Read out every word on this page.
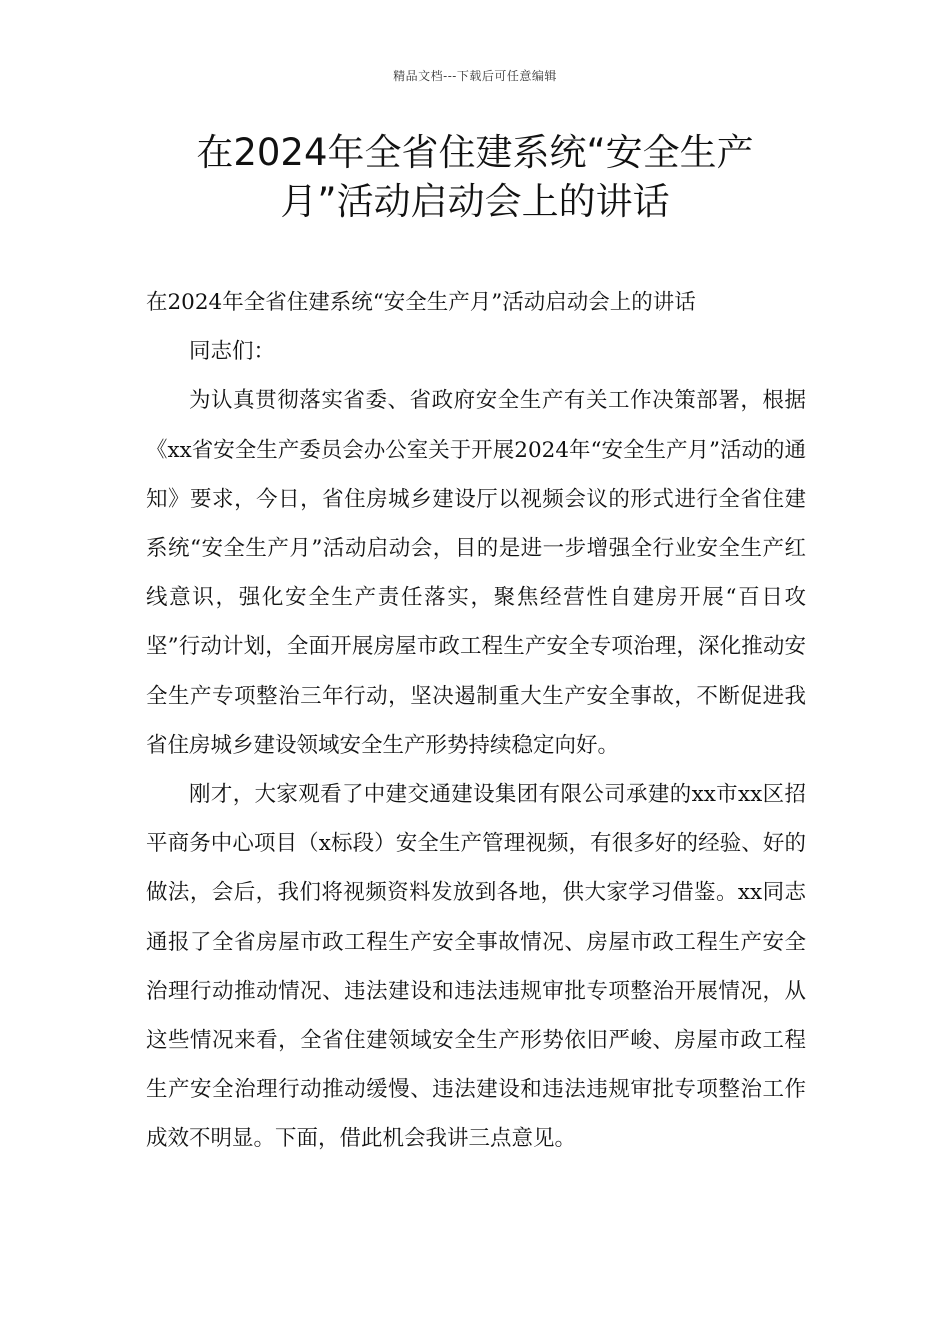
精品文档---下载后可任意编辑
在2024年全省住建系统“安全生产月”活动启动会上的讲话

在2024年全省住建系统“安全生产月”活动启动会上的讲话

同志们：

为认真贯彻落实省委、省政府安全生产有关工作决策部署，根据《xx省安全生产委员会办公室关于开展2024年“安全生产月”活动的通知》要求，今日，省住房城乡建设厅以视频会议的形式进行全省住建系统“安全生产月”活动启动会，目的是进一步增强全行业安全生产红线意识，强化安全生产责任落实，聚焦经营性自建房开展“百日攻坚”行动计划，全面开展房屋市政工程生产安全专项治理，深化推动安全生产专项整治三年行动，坚决遏制重大生产安全事故，不断促进我省住房城乡建设领域安全生产形势持续稳定向好。

刚才，大家观看了中建交通建设集团有限公司承建的xx市xx区招平商务中心项目（x标段）安全生产管理视频，有很多好的经验、好的做法，会后，我们将视频资料发放到各地，供大家学习借鉴。xx同志通报了全省房屋市政工程生产安全事故情况、房屋市政工程生产安全治理行动推动情况、违法建设和违法违规审批专项整治开展情况，从这些情况来看，全省住建领域安全生产形势依旧严峻、房屋市政工程生产安全治理行动推动缓慢、违法建设和违法违规审批专项整治工作成效不明显。下面，借此机会我讲三点意见。
